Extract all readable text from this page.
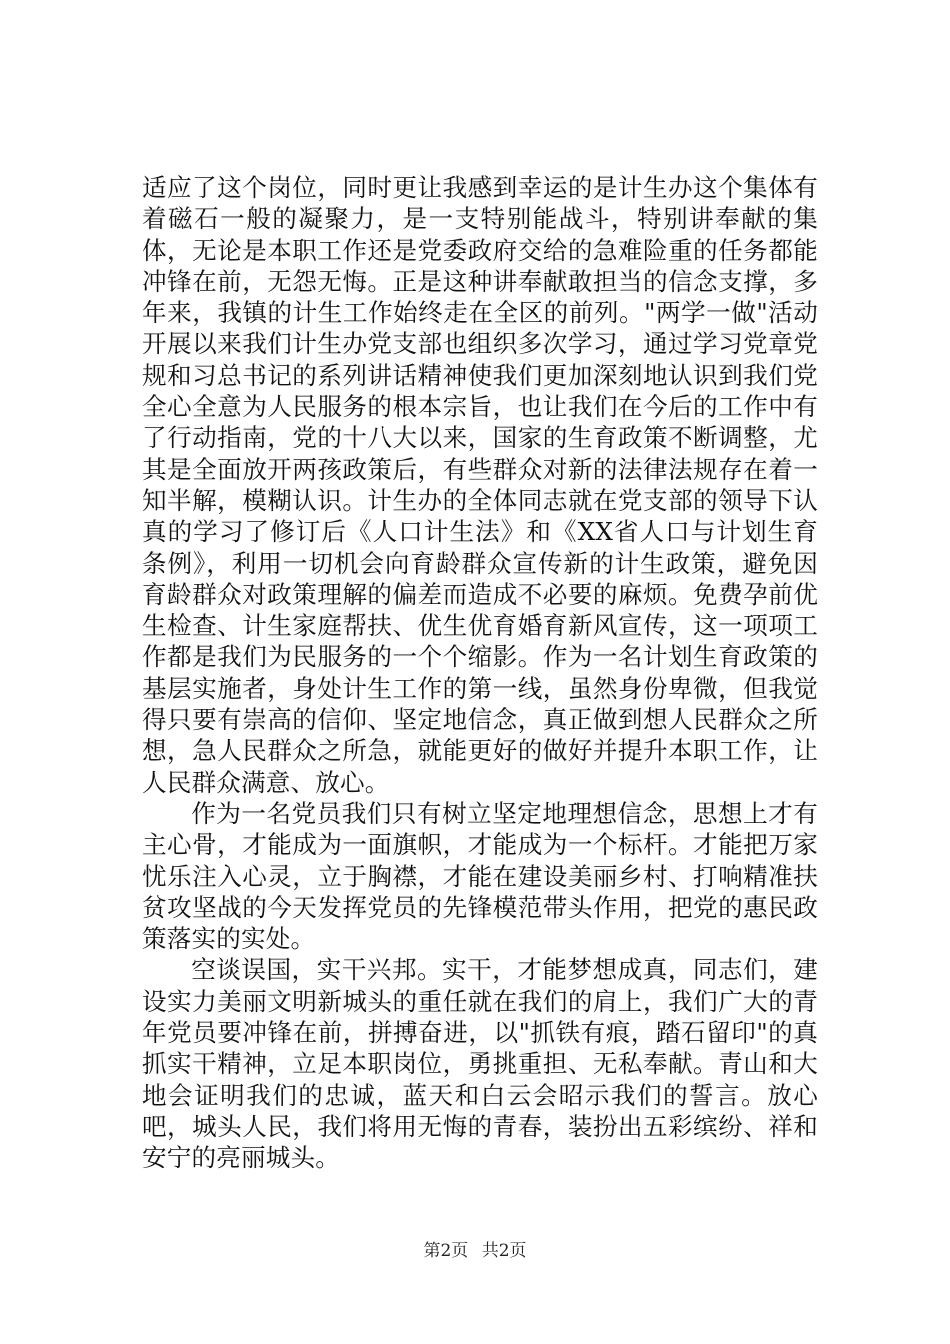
适应了这个岗位，同时更让我感到幸运的是计生办这个集体有着磁石一般的凝聚力，是一支特别能战斗，特别讲奉献的集体，无论是本职工作还是党委政府交给的急难险重的任务都能冲锋在前，无怨无悔。正是这种讲奉献敢担当的信念支撑，多年来，我镇的计生工作始终走在全区的前列。"两学一做"活动开展以来我们计生办党支部也组织多次学习，通过学习党章党规和习总书记的系列讲话精神使我们更加深刻地认识到我们党全心全意为人民服务的根本宗旨，也让我们在今后的工作中有了行动指南，党的十八大以来，国家的生育政策不断调整，尤其是全面放开两孩政策后，有些群众对新的法律法规存在着一知半解，模糊认识。计生办的全体同志就在党支部的领导下认真的学习了修订后《人口计生法》和《XX省人口与计划生育条例》，利用一切机会向育龄群众宣传新的计生政策，避免因育龄群众对政策理解的偏差而造成不必要的麻烦。免费孕前优生检查、计生家庭帮扶、优生优育婚育新风宣传，这一项项工作都是我们为民服务的一个个缩影。作为一名计划生育政策的基层实施者，身处计生工作的第一线，虽然身份卑微，但我觉得只要有崇高的信仰、坚定地信念，真正做到想人民群众之所想，急人民群众之所急，就能更好的做好并提升本职工作，让人民群众满意、放心。

作为一名党员我们只有树立坚定地理想信念，思想上才有主心骨，才能成为一面旗帜，才能成为一个标杆。才能把万家忧乐注入心灵，立于胸襟，才能在建设美丽乡村、打响精准扶贫攻坚战的今天发挥党员的先锋模范带头作用，把党的惠民政策落实的实处。

空谈误国，实干兴邦。实干，才能梦想成真，同志们，建设实力美丽文明新城头的重任就在我们的肩上，我们广大的青年党员要冲锋在前，拼搏奋进，以"抓铁有痕，踏石留印"的真抓实干精神，立足本职岗位，勇挑重担、无私奉献。青山和大地会证明我们的忠诚，蓝天和白云会昭示我们的誓言。放心吧，城头人民，我们将用无悔的青春，装扮出五彩缤纷、祥和安宁的亮丽城头。

第2页 共2页
